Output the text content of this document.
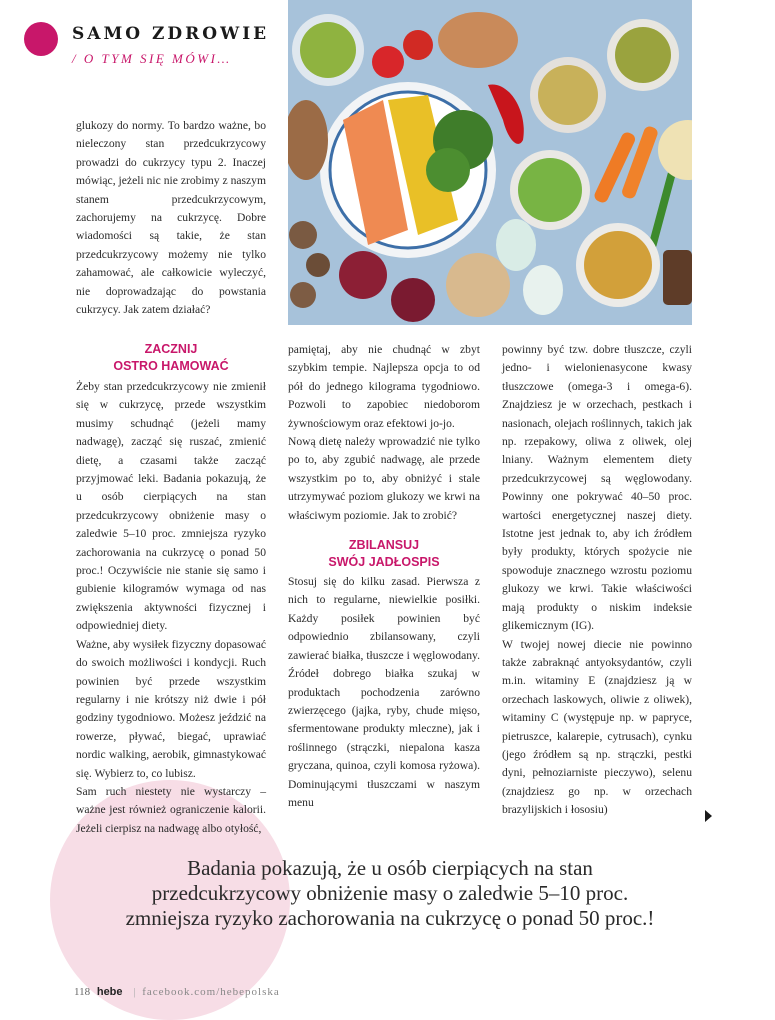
SAMO ZDROWIE
/ O TYM SIĘ MÓWI…

glukozy do normy. To bardzo ważne, bo nieleczony stan przedcukrzycowy prowadzi do cukrzycy typu 2. Inaczej mówiąc, jeżeli nic nie zrobimy z naszym stanem przedcukrzycowym, zachorujemy na cukrzycę. Dobre wiadomości są takie, że stan przedcukrzycowy możemy nie tylko zahamować, ale całkowicie wyleczyć, nie doprowadzając do powstania cukrzycy. Jak zatem działać?

ZACZNIJ
OSTRO HAMOWAĆ

Żeby stan przedcukrzycowy nie zmienił się w cukrzycę, przede wszystkim musimy schudnąć (jeżeli mamy nadwagę), zacząć się ruszać, zmienić dietę, a czasami także zacząć przyjmować leki. Badania pokazują, że u osób cierpiących na stan przedcukrzycowy obniżenie masy o zaledwie 5–10 proc. zmniejsza ryzyko zachorowania na cukrzycę o ponad 50 proc.! Oczywiście nie stanie się samo i gubienie kilogramów wymaga od nas zwiększenia aktywności fizycznej i odpowiedniej diety.

Ważne, aby wysiłek fizyczny dopasować do swoich możliwości i kondycji. Ruch powinien być przede wszystkim regularny i nie krótszy niż dwie i pół godziny tygodniowo. Możesz jeździć na rowerze, pływać, biegać, uprawiać nordic walking, aerobik, gimnastykować się. Wybierz to, co lubisz.

Sam ruch niestety nie wystarczy – ważne jest również ograniczenie kalorii. Jeżeli cierpisz na nadwagę albo otyłość,

pamiętaj, aby nie chudnąć w zbyt szybkim tempie. Najlepsza opcja to od pół do jednego kilograma tygodniowo. Pozwoli to zapobiec niedoborom żywnościowym oraz efektowi jo-jo.

Nową dietę należy wprowadzić nie tylko po to, aby zgubić nadwagę, ale przede wszystkim po to, aby obniżyć i stale utrzymywać poziom glukozy we krwi na właściwym poziomie. Jak to zrobić?

ZBILANSUJ
SWÓJ JADŁOSPIS

Stosuj się do kilku zasad. Pierwsza z nich to regularne, niewielkie posiłki. Każdy posiłek powinien być odpowiednio zbilansowany, czyli zawierać białka, tłuszcze i węglowodany. Źródeł dobrego białka szukaj w produktach pochodzenia zarówno zwierzęcego (jajka, ryby, chude mięso, sfermentowane produkty mleczne), jak i roślinnego (strączki, niepalona kasza gryczana, quinoa, czyli komosa ryżowa). Dominującymi tłuszczami w naszym menu

powinny być tzw. dobre tłuszcze, czyli jedno- i wielonienasycone kwasy tłuszczowe (omega-3 i omega-6). Znajdziesz je w orzechach, pestkach i nasionach, olejach roślinnych, takich jak np. rzepakowy, oliwa z oliwek, olej lniany. Ważnym elementem diety przedcukrzycowej są węglowodany. Powinny one pokrywać 40–50 proc. wartości energetycznej naszej diety. Istotne jest jednak to, aby ich źródłem były produkty, których spożycie nie spowoduje znacznego wzrostu poziomu glukozy we krwi. Takie właściwości mają produkty o niskim indeksie glikemicznym (IG).

W twojej nowej diecie nie powinno także zabraknąć antyoksydantów, czyli m.in. witaminy E (znajdziesz ją w orzechach laskowych, oliwie z oliwek), witaminy C (występuje np. w papryce, pietruszce, kalarepie, cytrusach), cynku (jego źródłem są np. strączki, pestki dyni, pełnoziarniste pieczywo), selenu (znajdziesz go np. w orzechach brazylijskich i łososiu)

Badania pokazują, że u osób cierpiących na stan
przedcukrzycowy obniżenie masy o zaledwie 5–10 proc.
zmniejsza ryzyko zachorowania na cukrzycę o ponad 50 proc.!
118 hebe | facebook.com/hebepolska
